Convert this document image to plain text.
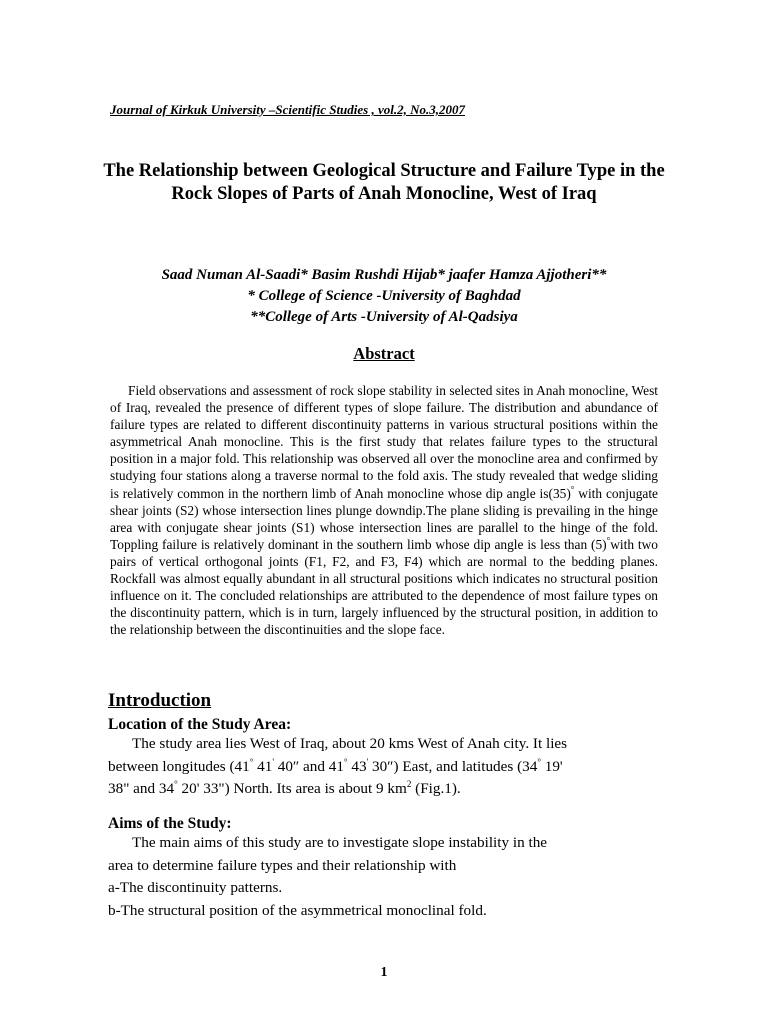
Journal of Kirkuk University –Scientific Studies , vol.2, No.3,2007
The Relationship between Geological Structure and Failure Type in the Rock Slopes of Parts of Anah Monocline, West of Iraq
Saad Numan Al-Saadi* Basim Rushdi Hijab* jaafer Hamza Ajjotheri**
* College of Science -University of Baghdad
**College of Arts -University of Al-Qadsiya
Abstract

Field observations and assessment of rock slope stability in selected sites in Anah monocline, West of Iraq, revealed the presence of different types of slope failure. The distribution and abundance of failure types are related to different discontinuity patterns in various structural positions within the asymmetrical Anah monocline. This is the first study that relates failure types to the structural position in a major fold. This relationship was observed all over the monocline area and confirmed by studying four stations along a traverse normal to the fold axis. The study revealed that wedge sliding is relatively common in the northern limb of Anah monocline whose dip angle is(35)° with conjugate shear joints (S2) whose intersection lines plunge downdip.The plane sliding is prevailing in the hinge area with conjugate shear joints (S1) whose intersection lines are parallel to the hinge of the fold. Toppling failure is relatively dominant in the southern limb whose dip angle is less than (5)°with two pairs of vertical orthogonal joints (F1, F2, and F3, F4) which are normal to the bedding planes. Rockfall was almost equally abundant in all structural positions which indicates no structural position influence on it. The concluded relationships are attributed to the dependence of most failure types on the discontinuity pattern, which is in turn, largely influenced by the structural position, in addition to the relationship between the discontinuities and the slope face.

Introduction
Location of the Study Area:
The study area lies West of Iraq, about 20 kms West of Anah city. It lies
between longitudes (41° 41' 40″ and 41° 43' 30″) East, and latitudes (34° 19'
38" and 34° 20' 33") North. Its area is about 9 $km^2$ (Fig.1).
Aims of the Study:
The main aims of this study are to investigate slope instability in the
area to determine failure types and their relationship with
a-The discontinuity patterns.
b-The structural position of the asymmetrical monoclinal fold.
1
